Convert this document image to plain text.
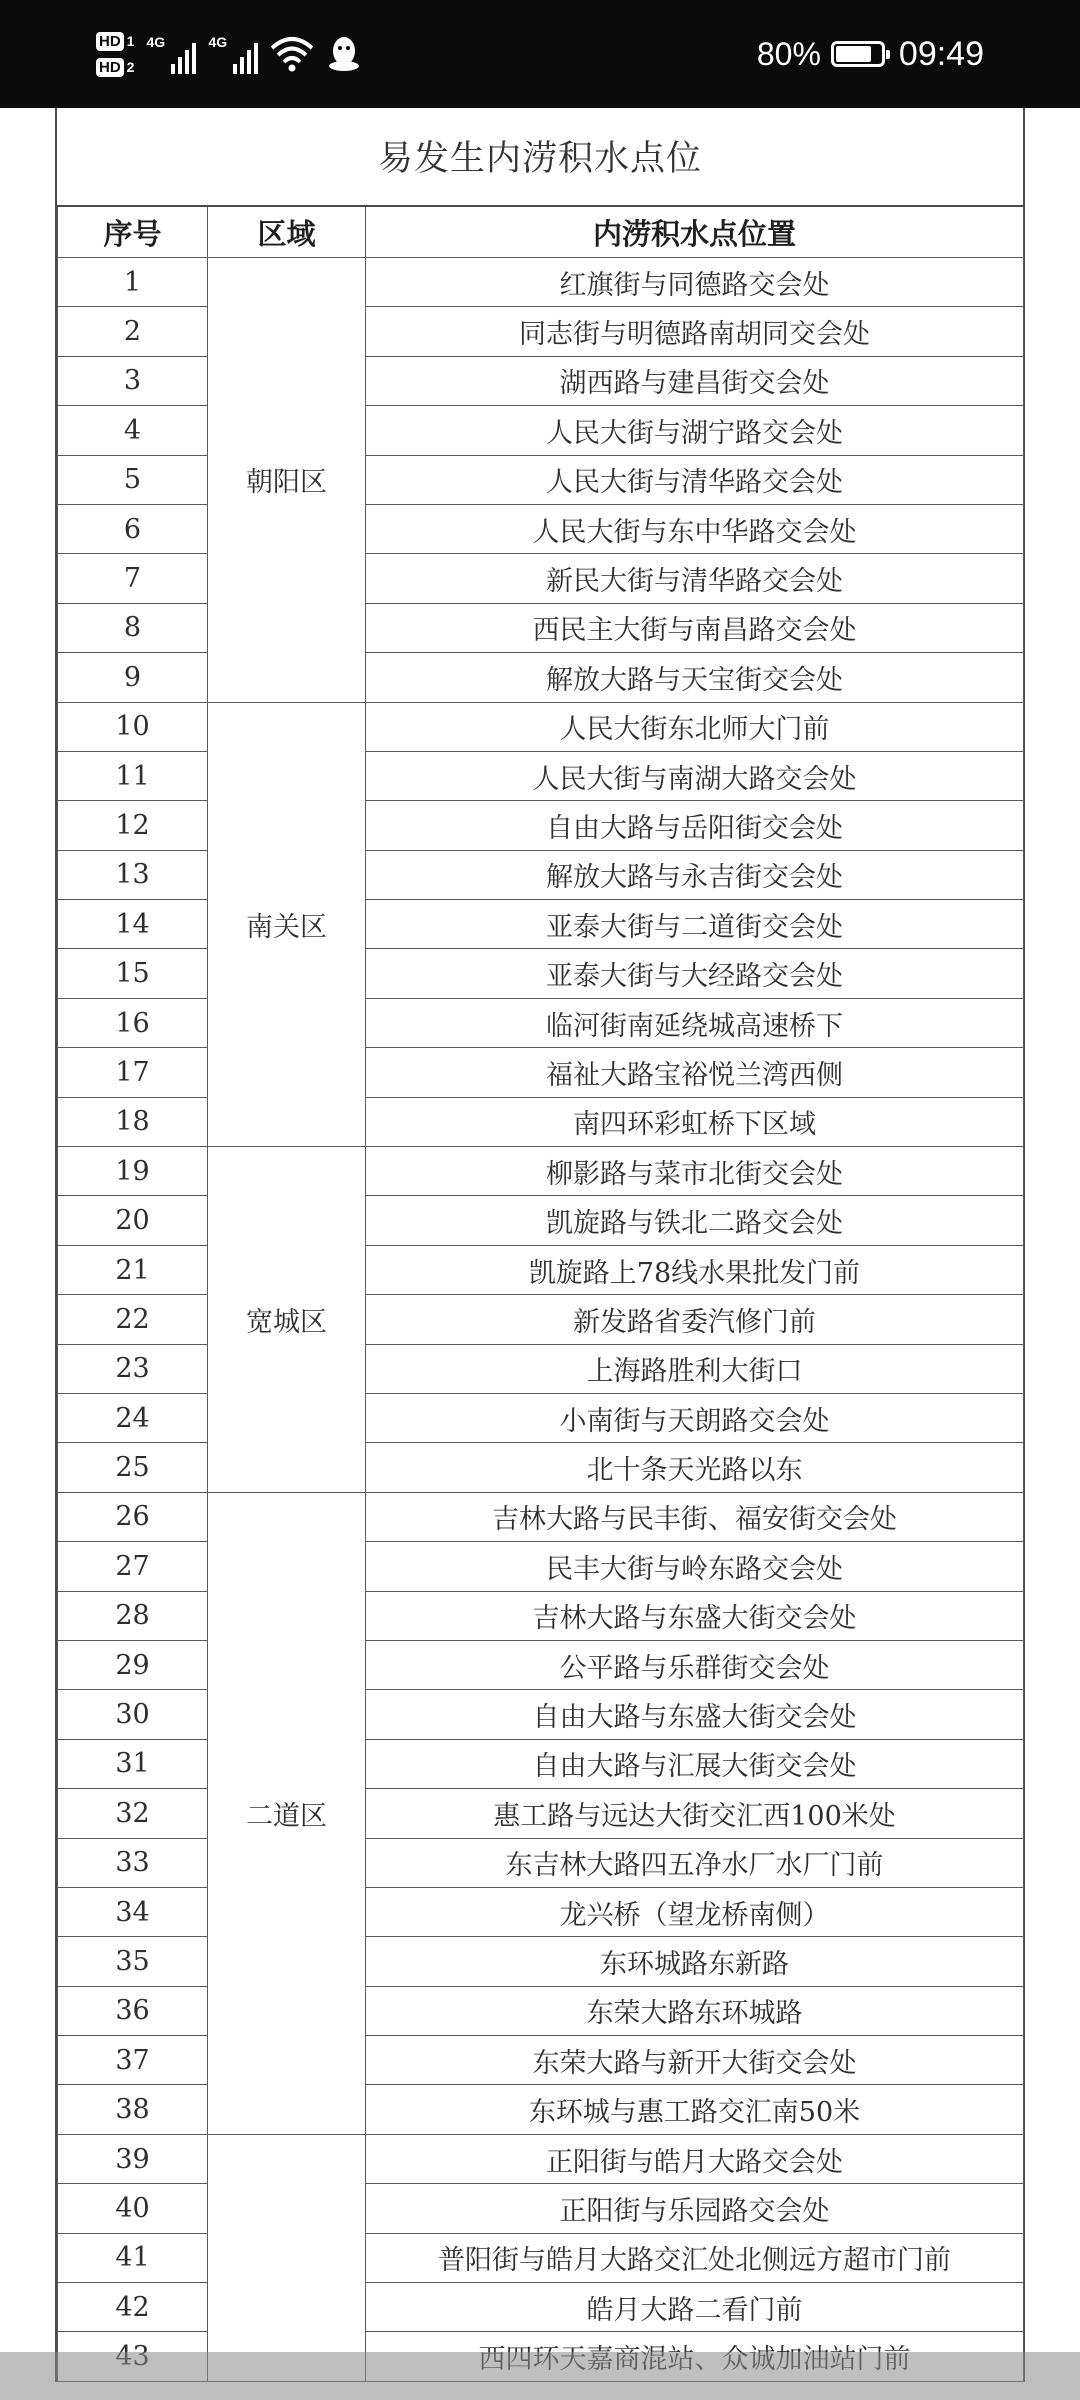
HD 1
HD 2
4G	4G	80% 09:49
易发生内涝积水点位
序号	区域	内涝积水点位置
1	朝阳区	红旗街与同德路交会处
2		同志街与明德路南胡同交会处
3		湖西路与建昌街交会处
4		人民大街与湖宁路交会处
5		人民大街与清华路交会处
6		人民大街与东中华路交会处
7		新民大街与清华路交会处
8		西民主大街与南昌路交会处
9		解放大路与天宝街交会处
10	南关区	人民大街东北师大门前
11		人民大街与南湖大路交会处
12		自由大路与岳阳街交会处
13		解放大路与永吉街交会处
14		亚泰大街与二道街交会处
15		亚泰大街与大经路交会处
16		临河街南延绕城高速桥下
17		福祉大路宝裕悦兰湾西侧
18		南四环彩虹桥下区域
19	宽城区	柳影路与菜市北街交会处
20		凯旋路与铁北二路交会处
21		凯旋路上78线水果批发门前
22		新发路省委汽修门前
23		上海路胜利大街口
24		小南街与天朗路交会处
25		北十条天光路以东
26	二道区	吉林大路与民丰街、福安街交会处
27		民丰大街与岭东路交会处
28		吉林大路与东盛大街交会处
29		公平路与乐群街交会处
30		自由大路与东盛大街交会处
31		自由大路与汇展大街交会处
32		惠工路与远达大街交汇西100米处
33		东吉林大路四五净水厂水厂门前
34		龙兴桥（望龙桥南侧）
35		东环城路东新路
36		东荣大路东环城路
37		东荣大路与新开大街交会处
38		东环城与惠工路交汇南50米
39		正阳街与皓月大路交会处
40		正阳街与乐园路交会处
41		普阳街与皓月大路交汇处北侧远方超市门前
42		皓月大路二看门前
